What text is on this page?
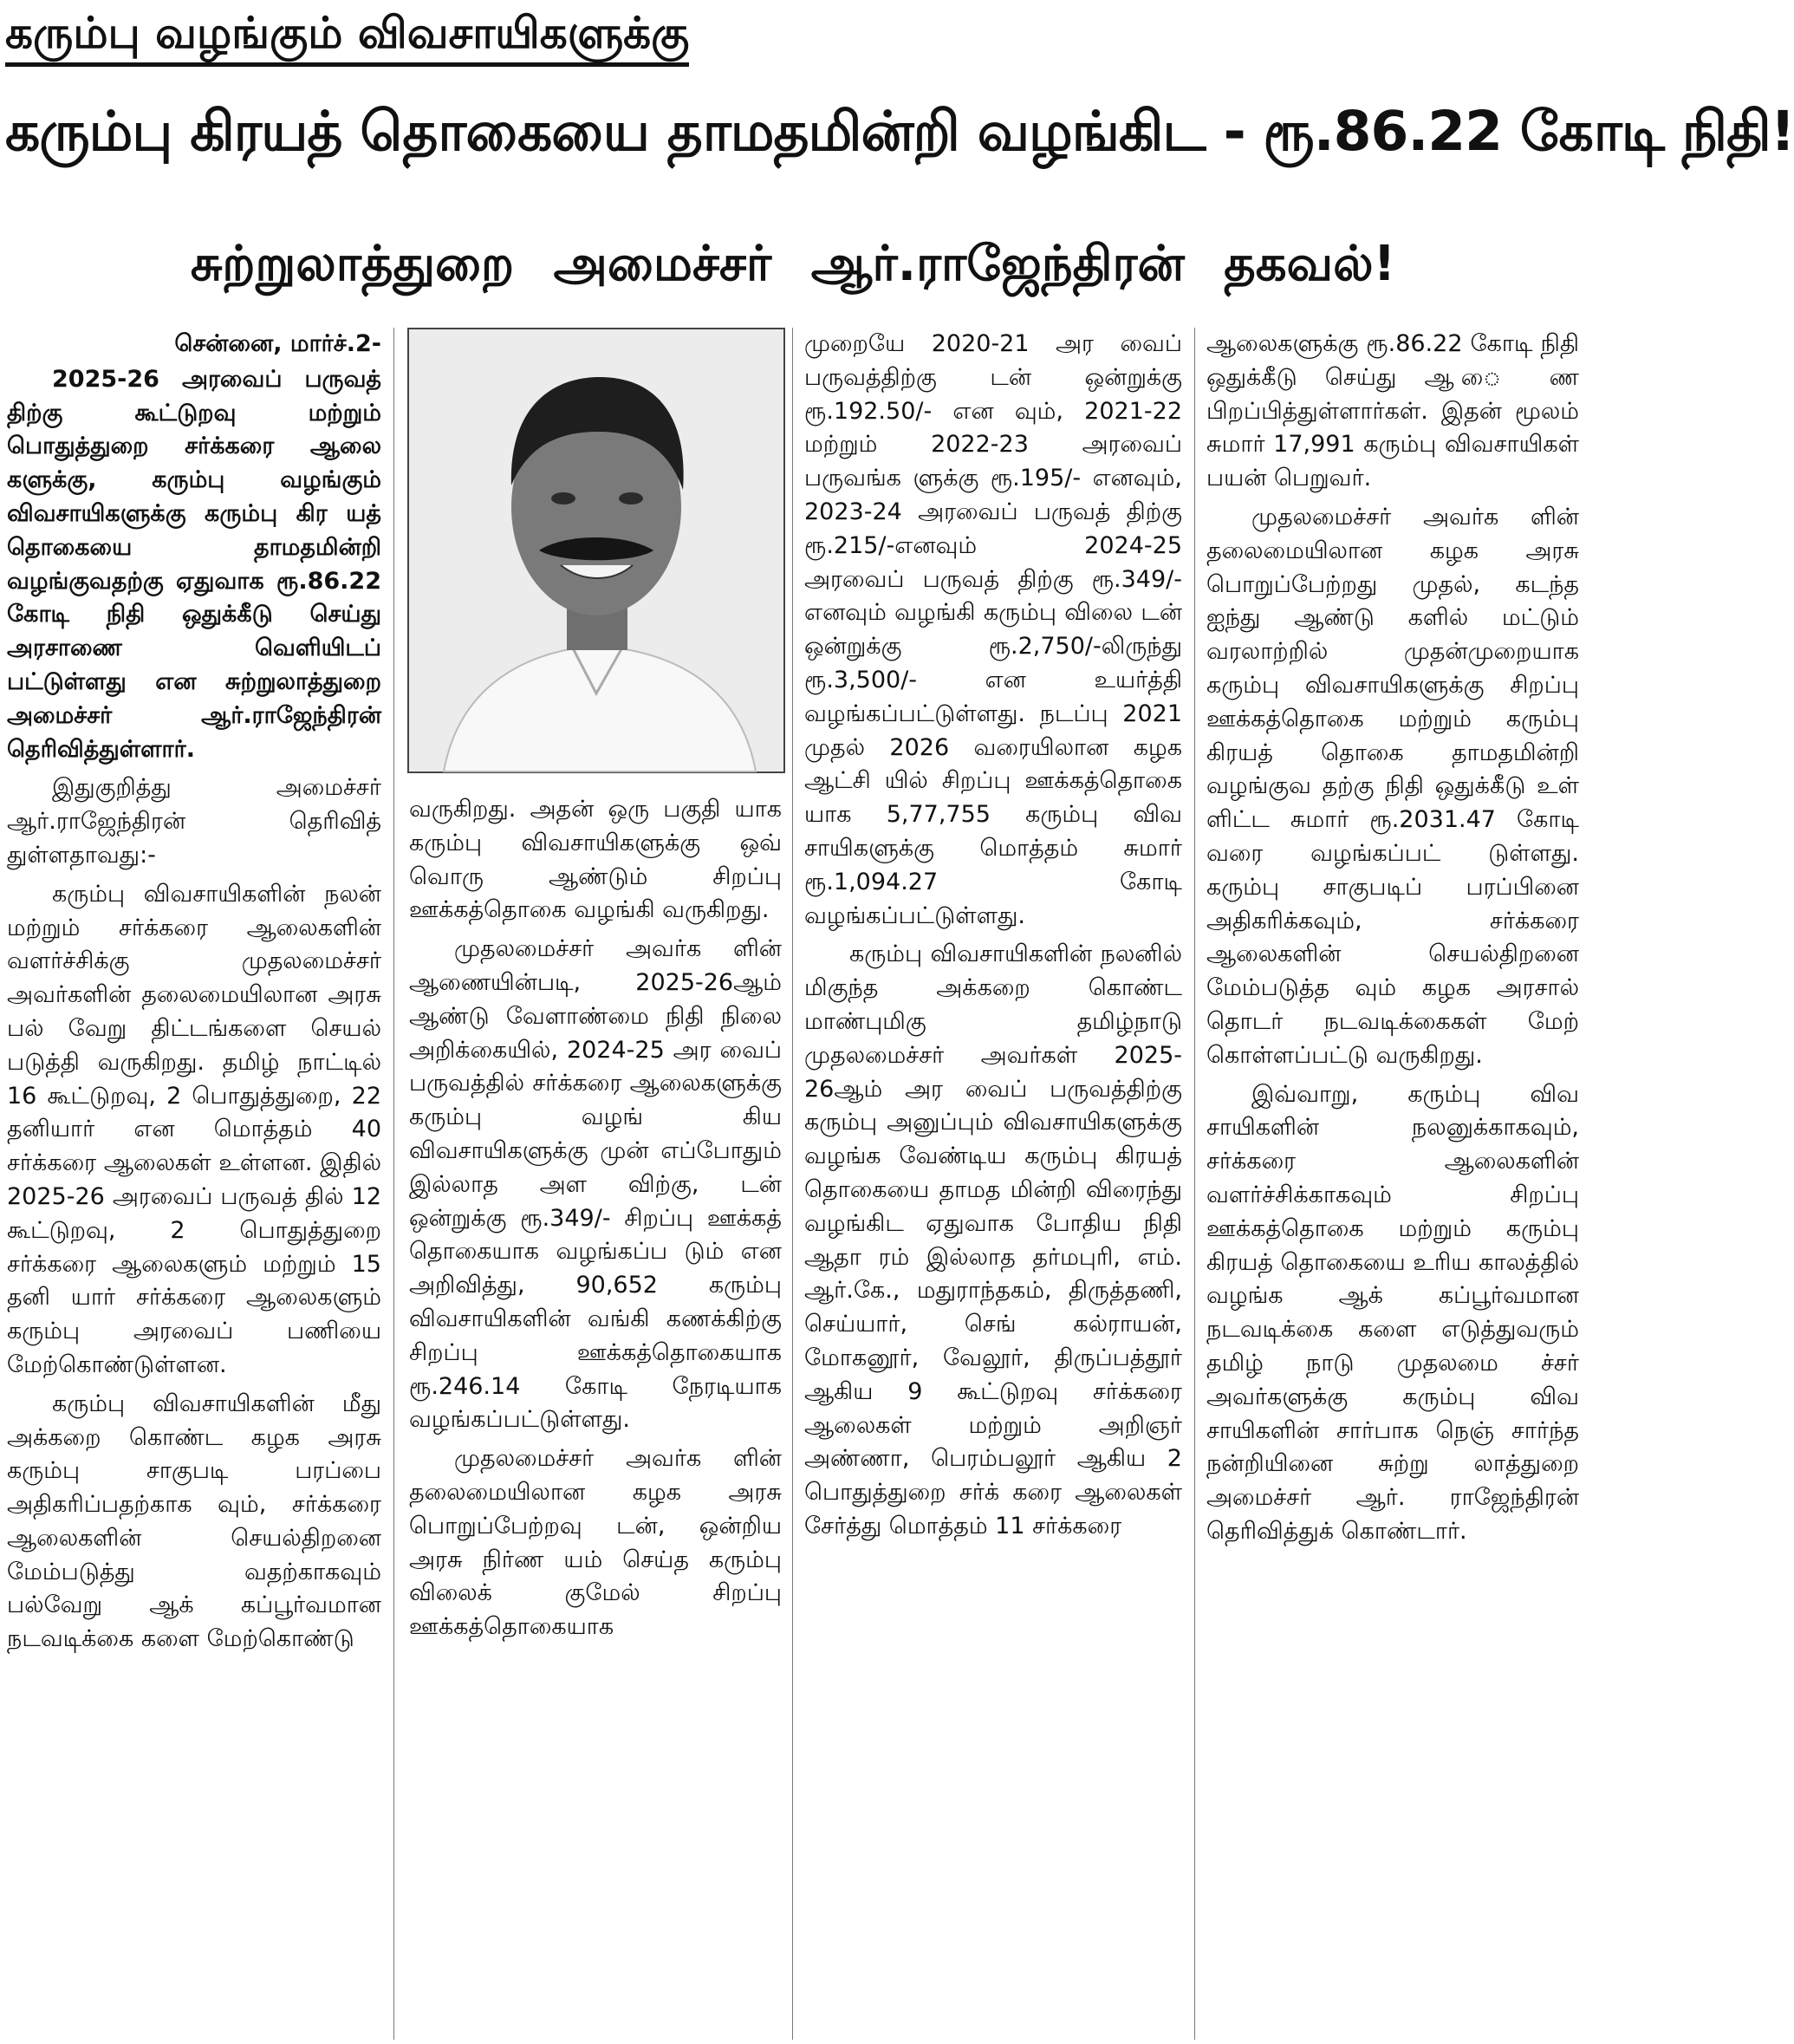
கரும்பு வழங்கும் விவசாயிகளுக்கு
கரும்பு கிரயத் தொகையை தாமதமின்றி வழங்கிட - ரூ.86.22 கோடி நிதி!
சுற்றுலாத்துறை அமைச்சர் ஆர்.ராஜேந்திரன் தகவல்!

சென்னை, மார்ச்.2-

2025-26 அரவைப் பருவத் திற்கு கூட்டுறவு மற்றும் பொதுத்துறை சர்க்கரை ஆலை களுக்கு, கரும்பு வழங்கும் விவசாயிகளுக்கு கரும்பு கிர யத் தொகையை தாமதமின்றி வழங்குவதற்கு ஏதுவாக ரூ.86.22 கோடி நிதி ஒதுக்கீடு செய்து அரசாணை வெளியிடப் பட்டுள்ளது என சுற்றுலாத்துறை அமைச்சர் ஆர்.ராஜேந்திரன் தெரிவித்துள்ளார்.

இதுகுறித்து அமைச்சர் ஆர்.ராஜேந்திரன் தெரிவித் துள்ளதாவது:-

கரும்பு விவசாயிகளின் நலன் மற்றும் சர்க்கரை ஆலைகளின் வளர்ச்சிக்கு முதலமைச்சர் அவர்களின் தலைமையிலான அரசு பல் வேறு திட்டங்களை செயல் படுத்தி வருகிறது. தமிழ் நாட்டில் 16 கூட்டுறவு, 2 பொதுத்துறை, 22 தனியார் என மொத்தம் 40 சர்க்கரை ஆலைகள் உள்ளன. இதில் 2025-26 அரவைப் பருவத் தில் 12 கூட்டுறவு, 2 பொதுத்துறை சர்க்கரை ஆலைகளும் மற்றும் 15 தனி யார் சர்க்கரை ஆலைகளும் கரும்பு அரவைப் பணியை மேற்கொண்டுள்ளன.

கரும்பு விவசாயிகளின் மீது அக்கறை கொண்ட கழக அரசு கரும்பு சாகுபடி பரப்பை அதிகரிப்பதற்காக வும், சர்க்கரை ஆலைகளின் செயல்திறனை மேம்படுத்து வதற்காகவும் பல்வேறு ஆக் கப்பூர்வமான நடவடிக்கை களை மேற்கொண்டு

வருகிறது. அதன் ஒரு பகுதி யாக கரும்பு விவசாயிகளுக்கு ஒவ் வொரு ஆண்டும் சிறப்பு ஊக்கத்தொகை வழங்கி வருகிறது.

முதலமைச்சர் அவர்க ளின் ஆணையின்படி, 2025-26ஆம் ஆண்டு வேளாண்மை நிதி நிலை அறிக்கையில், 2024-25 அர வைப் பருவத்தில் சர்க்கரை ஆலைகளுக்கு கரும்பு வழங் கிய விவசாயிகளுக்கு முன் எப்போதும் இல்லாத அள விற்கு, டன் ஒன்றுக்கு ரூ.349/- சிறப்பு ஊக்கத் தொகையாக வழங்கப்ப டும் என அறிவித்து, 90,652 கரும்பு விவசாயிகளின் வங்கி கணக்கிற்கு சிறப்பு ஊக்கத்தொகையாக ரூ.246.14 கோடி நேரடியாக வழங்கப்பட்டுள்ளது.

முதலமைச்சர் அவர்க ளின் தலைமையிலான கழக அரசு பொறுப்பேற்றவு டன், ஒன்றிய அரசு நிர்ண யம் செய்த கரும்பு விலைக் குமேல் சிறப்பு ஊக்கத்தொகையாக

முறையே 2020-21 அர வைப் பருவத்திற்கு டன் ஒன்றுக்கு ரூ.192.50/- என வும், 2021-22 மற்றும் 2022-23 அரவைப் பருவங்க ளுக்கு ரூ.195/- எனவும், 2023-24 அரவைப் பருவத் திற்கு ரூ.215/-எனவும் 2024-25 அரவைப் பருவத் திற்கு ரூ.349/- எனவும் வழங்கி கரும்பு விலை டன் ஒன்றுக்கு ரூ.2,750/-லிருந்து ரூ.3,500/- என உயர்த்தி வழங்கப்பட்டுள்ளது. நடப்பு 2021 முதல் 2026 வரையிலான கழக ஆட்சி யில் சிறப்பு ஊக்கத்தொகை யாக 5,77,755 கரும்பு விவ சாயிகளுக்கு மொத்தம் சுமார் ரூ.1,094.27 கோடி வழங்கப்பட்டுள்ளது.

கரும்பு விவசாயிகளின் நலனில் மிகுந்த அக்கறை கொண்ட மாண்புமிகு தமிழ்நாடு முதலமைச்சர் அவர்கள் 2025-26ஆம் அர வைப் பருவத்திற்கு கரும்பு அனுப்பும் விவசாயிகளுக்கு வழங்க வேண்டிய கரும்பு கிரயத் தொகையை தாமத மின்றி விரைந்து வழங்கிட ஏதுவாக போதிய நிதி ஆதா ரம் இல்லாத தர்மபுரி, எம். ஆர்.கே., மதுராந்தகம், திருத்தணி, செய்யார், செங் கல்ராயன், மோகனூர், வேலூர், திருப்பத்தூர் ஆகிய 9 கூட்டுறவு சர்க்கரை ஆலைகள் மற்றும் அறிஞர் அண்ணா, பெரம்பலூர் ஆகிய 2 பொதுத்துறை சர்க் கரை ஆலைகள் சேர்த்து மொத்தம் 11 சர்க்கரை

ஆலைகளுக்கு ரூ.86.22 கோடி நிதி ஒதுக்கீடு செய்து ஆ ை ண பிறப்பித்துள்ளார்கள். இதன் மூலம் சுமார் 17,991 கரும்பு விவசாயிகள் பயன் பெறுவர்.

முதலமைச்சர் அவர்க ளின் தலைமையிலான கழக அரசு பொறுப்பேற்றது முதல், கடந்த ஐந்து ஆண்டு களில் மட்டும் வரலாற்றில் முதன்முறையாக கரும்பு விவசாயிகளுக்கு சிறப்பு ஊக்கத்தொகை மற்றும் கரும்பு கிரயத் தொகை தாமதமின்றி வழங்குவ தற்கு நிதி ஒதுக்கீடு உள் ளிட்ட சுமார் ரூ.2031.47 கோடி வரை வழங்கப்பட் டுள்ளது. கரும்பு சாகுபடிப் பரப்பினை அதிகரிக்கவும், சர்க்கரை ஆலைகளின் செயல்திறனை மேம்படுத்த வும் கழக அரசால் தொடர் நடவடிக்கைகள் மேற் கொள்ளப்பட்டு வருகிறது.

இவ்வாறு, கரும்பு விவ சாயிகளின் நலனுக்காகவும், சர்க்கரை ஆலைகளின் வளர்ச்சிக்காகவும் சிறப்பு ஊக்கத்தொகை மற்றும் கரும்பு கிரயத் தொகையை உரிய காலத்தில் வழங்க ஆக் கப்பூர்வமான நடவடிக்கை களை எடுத்துவரும் தமிழ் நாடு முதலமை ச்சர் அவர்களுக்கு கரும்பு விவ சாயிகளின் சார்பாக நெஞ் சார்ந்த நன்றியினை சுற்று லாத்துறை அமைச்சர் ஆர். ராஜேந்திரன் தெரிவித்துக் கொண்டார்.
